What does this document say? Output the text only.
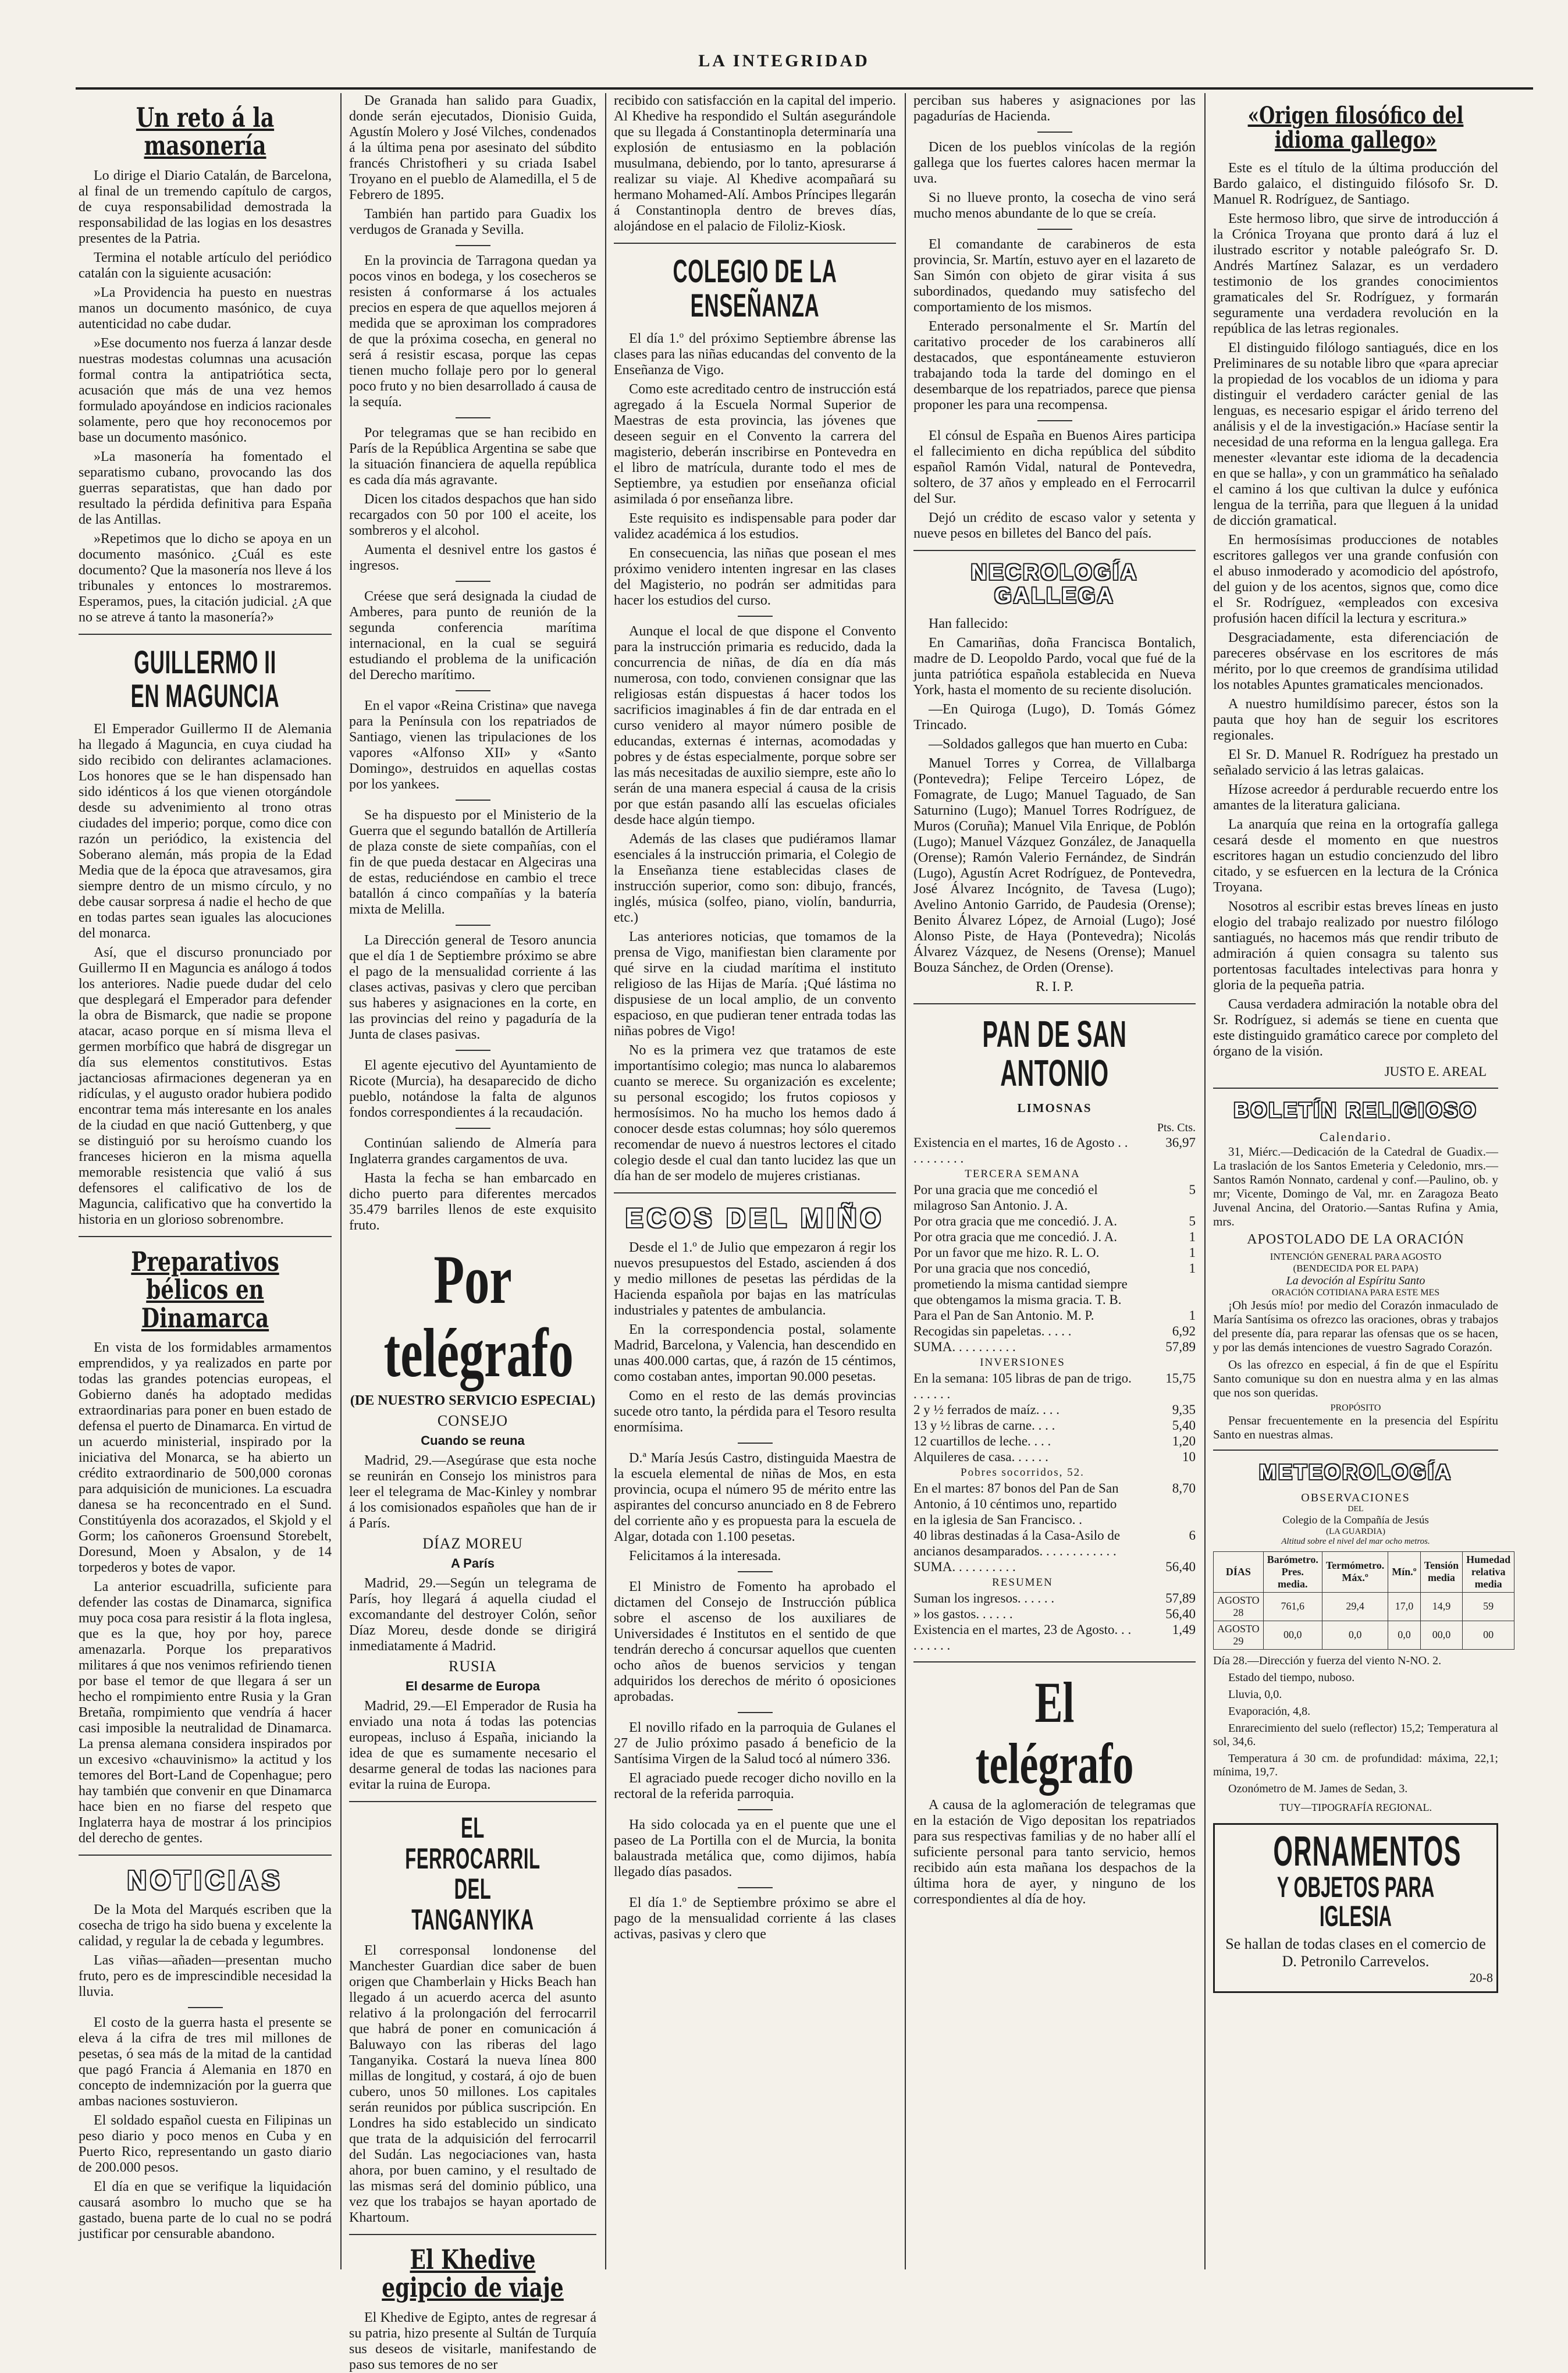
LA INTEGRIDAD
Un reto á la masonería

Lo dirige el Diario Catalán, de Barcelona, al final de un tremendo capítulo de cargos, de cuya responsabilidad demostrada la responsabilidad de las logias en los desastres presentes de la Patria.

Termina el notable artículo del periódico catalán con la siguiente acusación:

»La Providencia ha puesto en nuestras manos un documento masónico, de cuya autenticidad no cabe dudar.

»Ese documento nos fuerza á lanzar desde nuestras modestas columnas una acusación formal contra la antipatriótica secta, acusación que más de una vez hemos formulado apoyándose en indicios racionales solamente, pero que hoy reconocemos por base un documento masónico.

»La masonería ha fomentado el separatismo cubano, provocando las dos guerras separatistas, que han dado por resultado la pérdida definitiva para España de las Antillas.

»Repetimos que lo dicho se apoya en un documento masónico. ¿Cuál es este documento? Que la masonería nos lleve á los tribunales y entonces lo mostraremos. Esperamos, pues, la citación judicial. ¿A que no se atreve á tanto la masonería?»

GUILLERMO II EN MAGUNCIA

El Emperador Guillermo II de Alemania ha llegado á Maguncia, en cuya ciudad ha sido recibido con delirantes aclamaciones. Los honores que se le han dispensado han sido idénticos á los que vienen otorgándole desde su advenimiento al trono otras ciudades del imperio; porque, como dice con razón un periódico, la existencia del Soberano alemán, más propia de la Edad Media que de la época que atravesamos, gira siempre dentro de un mismo círculo, y no debe causar sorpresa á nadie el hecho de que en todas partes sean iguales las alocuciones del monarca.

Así, que el discurso pronunciado por Guillermo II en Maguncia es análogo á todos los anteriores. Nadie puede dudar del celo que desplegará el Emperador para defender la obra de Bismarck, que nadie se propone atacar, acaso porque en sí misma lleva el germen morbífico que habrá de disgregar un día sus elementos constitutivos. Estas jactanciosas afirmaciones degeneran ya en ridículas, y el augusto orador hubiera podido encontrar tema más interesante en los anales de la ciudad en que nació Guttenberg, y que se distinguió por su heroísmo cuando los franceses hicieron en la misma aquella memorable resistencia que valió á sus defensores el calificativo de los de Maguncia, calificativo que ha convertido la historia en un glorioso sobrenombre.

Preparativos bélicos en Dinamarca

En vista de los formidables armamentos emprendidos, y ya realizados en parte por todas las grandes potencias europeas, el Gobierno danés ha adoptado medidas extraordinarias para poner en buen estado de defensa el puerto de Dinamarca. En virtud de un acuerdo ministerial, inspirado por la iniciativa del Monarca, se ha abierto un crédito extraordinario de 500,000 coronas para adquisición de municiones. La escuadra danesa se ha reconcentrado en el Sund. Constitúyenla dos acorazados, el Skjold y el Gorm; los cañoneros Groensund Storebelt, Doresund, Moen y Absalon, y de 14 torpederos y botes de vapor.

La anterior escuadrilla, suficiente para defender las costas de Dinamarca, significa muy poca cosa para resistir á la flota inglesa, que es la que, hoy por hoy, parece amenazarla. Porque los preparativos militares á que nos venimos refiriendo tienen por base el temor de que llegara á ser un hecho el rompimiento entre Rusia y la Gran Bretaña, rompimiento que vendría á hacer casi imposible la neutralidad de Dinamarca. La prensa alemana considera inspirados por un excesivo «chauvinismo» la actitud y los temores del Bort-Land de Copenhague; pero hay también que convenir en que Dinamarca hace bien en no fiarse del respeto que Inglaterra haya de mostrar á los principios del derecho de gentes.

NOTICIAS

De la Mota del Marqués escriben que la cosecha de trigo ha sido buena y excelente la calidad, y regular la de cebada y legumbres.

Las viñas—añaden—presentan mucho fruto, pero es de imprescindible necesidad la lluvia.

El costo de la guerra hasta el presente se eleva á la cifra de tres mil millones de pesetas, ó sea más de la mitad de la cantidad que pagó Francia á Alemania en 1870 en concepto de indemnización por la guerra que ambas naciones sostuvieron.

El soldado español cuesta en Filipinas un peso diario y poco menos en Cuba y en Puerto Rico, representando un gasto diario de 200.000 pesos.

El día en que se verifique la liquidación causará asombro lo mucho que se ha gastado, buena parte de lo cual no se podrá justificar por censurable abandono.

De Granada han salido para Guadix, donde serán ejecutados, Dionisio Guida, Agustín Molero y José Vilches, condenados á la última pena por asesinato del súbdito francés Christofheri y su criada Isabel Troyano en el pueblo de Alamedilla, el 5 de Febrero de 1895.

También han partido para Guadix los verdugos de Granada y Sevilla.

En la provincia de Tarragona quedan ya pocos vinos en bodega, y los cosecheros se resisten á conformarse á los actuales precios en espera de que aquellos mejoren á medida que se aproximan los compradores de que la próxima cosecha, en general no será á resistir escasa, porque las cepas tienen mucho follaje pero por lo general poco fruto y no bien desarrollado á causa de la sequía.

Por telegramas que se han recibido en París de la República Argentina se sabe que la situación financiera de aquella república es cada día más agravante.

Dicen los citados despachos que han sido recargados con 50 por 100 el aceite, los sombreros y el alcohol.

Aumenta el desnivel entre los gastos é ingresos.

Créese que será designada la ciudad de Amberes, para punto de reunión de la segunda conferencia marítima internacional, en la cual se seguirá estudiando el problema de la unificación del Derecho marítimo.

En el vapor «Reina Cristina» que navega para la Península con los repatriados de Santiago, vienen las tripulaciones de los vapores «Alfonso XII» y «Santo Domingo», destruidos en aquellas costas por los yankees.

Se ha dispuesto por el Ministerio de la Guerra que el segundo batallón de Artillería de plaza conste de siete compañías, con el fin de que pueda destacar en Algeciras una de estas, reduciéndose en cambio el trece batallón á cinco compañías y la batería mixta de Melilla.

La Dirección general de Tesoro anuncia que el día 1 de Septiembre próximo se abre el pago de la mensualidad corriente á las clases activas, pasivas y clero que perciban sus haberes y asignaciones en la corte, en las provincias del reino y pagaduría de la Junta de clases pasivas.

El agente ejecutivo del Ayuntamiento de Ricote (Murcia), ha desaparecido de dicho pueblo, notándose la falta de algunos fondos correspondientes á la recaudación.

Continúan saliendo de Almería para Inglaterra grandes cargamentos de uva.

Hasta la fecha se han embarcado en dicho puerto para diferentes mercados 35.479 barriles llenos de este exquisito fruto.

Por telégrafo
(DE NUESTRO SERVICIO ESPECIAL)
CONSEJO
Cuando se reuna

Madrid, 29.—Asegúrase que esta noche se reunirán en Consejo los ministros para leer el telegrama de Mac-Kinley y nombrar á los comisionados españoles que han de ir á París.

DÍAZ MOREU
A París

Madrid, 29.—Según un telegrama de París, hoy llegará á aquella ciudad el excomandante del destroyer Colón, señor Díaz Moreu, desde donde se dirigirá inmediatamente á Madrid.

RUSIA
El desarme de Europa

Madrid, 29.—El Emperador de Rusia ha enviado una nota á todas las potencias europeas, incluso á España, iniciando la idea de que es sumamente necesario el desarme general de todas las naciones para evitar la ruina de Europa.

EL FERROCARRIL DEL TANGANYIKA

El corresponsal londonense del Manchester Guardian dice saber de buen origen que Chamberlain y Hicks Beach han llegado á un acuerdo acerca del asunto relativo á la prolongación del ferrocarril que habrá de poner en comunicación á Baluwayo con las riberas del lago Tanganyika. Costará la nueva línea 800 millas de longitud, y costará, á ojo de buen cubero, unos 50 millones. Los capitales serán reunidos por pública suscripción. En Londres ha sido establecido un sindicato que trata de la adquisición del ferrocarril del Sudán. Las negociaciones van, hasta ahora, por buen camino, y el resultado de las mismas será del dominio público, una vez que los trabajos se hayan aportado de Khartoum.

El Khedive egipcio de viaje

El Khedive de Egipto, antes de regresar á su patria, hizo presente al Sultán de Turquía sus deseos de visitarle, manifestando de paso sus temores de no ser

recibido con satisfacción en la capital del imperio. Al Khedive ha respondido el Sultán asegurándole que su llegada á Constantinopla determinaría una explosión de entusiasmo en la población musulmana, debiendo, por lo tanto, apresurarse á realizar su viaje. Al Khedive acompañará su hermano Mohamed-Alí. Ambos Príncipes llegarán á Constantinopla dentro de breves días, alojándose en el palacio de Filoliz-Kiosk.

COLEGIO DE LA ENSEÑANZA

El día 1.º del próximo Septiembre ábrense las clases para las niñas educandas del convento de la Enseñanza de Vigo.

Como este acreditado centro de instrucción está agregado á la Escuela Normal Superior de Maestras de esta provincia, las jóvenes que deseen seguir en el Convento la carrera del magisterio, deberán inscribirse en Pontevedra en el libro de matrícula, durante todo el mes de Septiembre, ya estudien por enseñanza oficial asimilada ó por enseñanza libre.

Este requisito es indispensable para poder dar validez académica á los estudios.

En consecuencia, las niñas que posean el mes próximo venidero intenten ingresar en las clases del Magisterio, no podrán ser admitidas para hacer los estudios del curso.

Aunque el local de que dispone el Convento para la instrucción primaria es reducido, dada la concurrencia de niñas, de día en día más numerosa, con todo, convienen consignar que las religiosas están dispuestas á hacer todos los sacrificios imaginables á fin de dar entrada en el curso venidero al mayor número posible de educandas, externas é internas, acomodadas y pobres y de éstas especialmente, porque sobre ser las más necesitadas de auxilio siempre, este año lo serán de una manera especial á causa de la crisis por que están pasando allí las escuelas oficiales desde hace algún tiempo.

Además de las clases que pudiéramos llamar esenciales á la instrucción primaria, el Colegio de la Enseñanza tiene establecidas clases de instrucción superior, como son: dibujo, francés, inglés, música (solfeo, piano, violín, bandurria, etc.)

Las anteriores noticias, que tomamos de la prensa de Vigo, manifiestan bien claramente por qué sirve en la ciudad marítima el instituto religioso de las Hijas de María. ¡Qué lástima no dispusiese de un local amplio, de un convento espacioso, en que pudieran tener entrada todas las niñas pobres de Vigo!

No es la primera vez que tratamos de este importantísimo colegio; mas nunca lo alabaremos cuanto se merece. Su organización es excelente; su personal escogido; los frutos copiosos y hermosísimos. No ha mucho los hemos dado á conocer desde estas columnas; hoy sólo queremos recomendar de nuevo á nuestros lectores el citado colegio desde el cual dan tanto lucidez las que un día han de ser modelo de mujeres cristianas.

ECOS DEL MIÑO

Desde el 1.º de Julio que empezaron á regir los nuevos presupuestos del Estado, ascienden á dos y medio millones de pesetas las pérdidas de la Hacienda española por bajas en las matrículas industriales y patentes de ambulancia.

En la correspondencia postal, solamente Madrid, Barcelona, y Valencia, han descendido en unas 400.000 cartas, que, á razón de 15 céntimos, como costaban antes, importan 90.000 pesetas.

Como en el resto de las demás provincias sucede otro tanto, la pérdida para el Tesoro resulta enormísima.

D.ª María Jesús Castro, distinguida Maestra de la escuela elemental de niñas de Mos, en esta provincia, ocupa el número 95 de mérito entre las aspirantes del concurso anunciado en 8 de Febrero del corriente año y es propuesta para la escuela de Algar, dotada con 1.100 pesetas.

Felicitamos á la interesada.

El Ministro de Fomento ha aprobado el dictamen del Consejo de Instrucción pública sobre el ascenso de los auxiliares de Universidades é Institutos en el sentido de que tendrán derecho á concursar aquellos que cuenten ocho años de buenos servicios y tengan adquiridos los derechos de mérito ó oposiciones aprobadas.

El novillo rifado en la parroquia de Gulanes el 27 de Julio próximo pasado á beneficio de la Santísima Virgen de la Salud tocó al número 336.

El agraciado puede recoger dicho novillo en la rectoral de la referida parroquia.

Ha sido colocada ya en el puente que une el paseo de La Portilla con el de Murcia, la bonita balaustrada metálica que, como dijimos, había llegado días pasados.

El día 1.º de Septiembre próximo se abre el pago de la mensualidad corriente á las clases activas, pasivas y clero que

perciban sus haberes y asignaciones por las pagadurías de Hacienda.

Dicen de los pueblos vinícolas de la región gallega que los fuertes calores hacen mermar la uva.

Si no llueve pronto, la cosecha de vino será mucho menos abundante de lo que se creía.

El comandante de carabineros de esta provincia, Sr. Martín, estuvo ayer en el lazareto de San Simón con objeto de girar visita á sus subordinados, quedando muy satisfecho del comportamiento de los mismos.

Enterado personalmente el Sr. Martín del caritativo proceder de los carabineros allí destacados, que espontáneamente estuvieron trabajando toda la tarde del domingo en el desembarque de los repatriados, parece que piensa proponer les para una recompensa.

El cónsul de España en Buenos Aires participa el fallecimiento en dicha república del súbdito español Ramón Vidal, natural de Pontevedra, soltero, de 37 años y empleado en el Ferrocarril del Sur.

Dejó un crédito de escaso valor y setenta y nueve pesos en billetes del Banco del país.

NECROLOGÍA GALLEGA

Han fallecido:

En Camariñas, doña Francisca Bontalich, madre de D. Leopoldo Pardo, vocal que fué de la junta patriótica española establecida en Nueva York, hasta el momento de su reciente disolución.

—En Quiroga (Lugo), D. Tomás Gómez Trincado.

—Soldados gallegos que han muerto en Cuba:

Manuel Torres y Correa, de Villalbarga (Pontevedra); Felipe Terceiro López, de Fomagrate, de Lugo; Manuel Taguado, de San Saturnino (Lugo); Manuel Torres Rodríguez, de Muros (Coruña); Manuel Vila Enrique, de Poblón (Lugo); Manuel Vázquez González, de Janaquella (Orense); Ramón Valerio Fernández, de Sindrán (Lugo), Agustín Acret Rodríguez, de Pontevedra, José Álvarez Incógnito, de Tavesa (Lugo); Avelino Antonio Garrido, de Paudesia (Orense); Benito Álvarez López, de Arnoial (Lugo); José Alonso Piste, de Haya (Pontevedra); Nicolás Álvarez Vázquez, de Nesens (Orense); Manuel Bouza Sánchez, de Orden (Orense).

R. I. P.
PAN DE SAN ANTONIO
LIMOSNAS
Pts. Cts.
Existencia en el martes, 16 de Agosto . . . . . . . . . .
36,97
TERCERA SEMANA
Por una gracia que me concedió el milagroso San Antonio. J. A.
5
Por otra gracia que me concedió. J. A.	5
Por otra gracia que me concedió. J. A.	1
Por un favor que me hizo. R. L. O.	1
Por una gracia que nos concedió, prometiendo la misma cantidad siempre que obtengamos la misma gracia. T. B.
1
Para el Pan de San Antonio. M. P.	1
Recogidas sin papeletas. . . . .	6,92
SUMA. . . . . . . . . .	57,89
INVERSIONES
En la semana: 105 libras de pan de trigo. . . . . . .
15,75
2 y ½ ferrados de maíz. . . .	9,35
13 y ½ libras de carne. . . .	5,40
12 cuartillos de leche. . . .	1,20
Alquileres de casa. . . . . .	10
Pobres socorridos, 52.
En el martes: 87 bonos del Pan de San Antonio, á 10 céntimos uno, repartido en la iglesia de San Francisco. .
8,70
40 libras destinadas á la Casa-Asilo de ancianos desamparados. . . . . . . . . . . .
6
SUMA. . . . . . . . . .	56,40
RESUMEN
Suman los ingresos. . . . . .	57,89
» los gastos. . . . . .	56,40
Existencia en el martes, 23 de Agosto. . . . . . . . .
1,49
El telégrafo

A causa de la aglomeración de telegramas que en la estación de Vigo depositan los repatriados para sus respectivas familias y de no haber allí el suficiente personal para tanto servicio, hemos recibido aún esta mañana los despachos de la última hora de ayer, y ninguno de los correspondientes al día de hoy.

«Origen filosófico del idioma gallego»

Este es el título de la última producción del Bardo galaico, el distinguido filósofo Sr. D. Manuel R. Rodríguez, de Santiago.

Este hermoso libro, que sirve de introducción á la Crónica Troyana que pronto dará á luz el ilustrado escritor y notable paleógrafo Sr. D. Andrés Martínez Salazar, es un verdadero testimonio de los grandes conocimientos gramaticales del Sr. Rodríguez, y formarán seguramente una verdadera revolución en la república de las letras regionales.

El distinguido filólogo santiagués, dice en los Preliminares de su notable libro que «para apreciar la propiedad de los vocablos de un idioma y para distinguir el verdadero carácter genial de las lenguas, es necesario espigar el árido terreno del análisis y el de la investigación.» Hacíase sentir la necesidad de una reforma en la lengua gallega. Era menester «levantar este idioma de la decadencia en que se halla», y con un grammático ha señalado el camino á los que cultivan la dulce y eufónica lengua de la terriña, para que lleguen á la unidad de dicción gramatical.

En hermosísimas producciones de notables escritores gallegos ver una grande confusión con el abuso inmoderado y acomodicio del apóstrofo, del guion y de los acentos, signos que, como dice el Sr. Rodríguez, «empleados con excesiva profusión hacen difícil la lectura y escritura.»

Desgraciadamente, esta diferenciación de pareceres obsérvase en los escritores de más mérito, por lo que creemos de grandísima utilidad los notables Apuntes gramaticales mencionados.

A nuestro humildísimo parecer, éstos son la pauta que hoy han de seguir los escritores regionales.

El Sr. D. Manuel R. Rodríguez ha prestado un señalado servicio á las letras galaicas.

Hízose acreedor á perdurable recuerdo entre los amantes de la literatura galiciana.

La anarquía que reina en la ortografía gallega cesará desde el momento en que nuestros escritores hagan un estudio concienzudo del libro citado, y se esfuercen en la lectura de la Crónica Troyana.

Nosotros al escribir estas breves líneas en justo elogio del trabajo realizado por nuestro filólogo santiagués, no hacemos más que rendir tributo de admiración á quien consagra su talento sus portentosas facultades intelectivas para honra y gloria de la pequeña patria.

Causa verdadera admiración la notable obra del Sr. Rodríguez, si además se tiene en cuenta que este distinguido gramático carece por completo del órgano de la visión.

JUSTO E. AREAL
BOLETÍN RELIGIOSO
Calendario.

31, Miérc.—Dedicación de la Catedral de Guadix.—La traslación de los Santos Emeteria y Celedonio, mrs.—Santos Ramón Nonnato, cardenal y conf.—Paulino, ob. y mr; Vicente, Domingo de Val, mr. en Zaragoza Beato Juvenal Ancina, del Oratorio.—Santas Rufina y Amia, mrs.

APOSTOLADO DE LA ORACIÓN
INTENCIÓN GENERAL PARA AGOSTO
(BENDECIDA POR EL PAPA)
La devoción al Espíritu Santo
ORACIÓN COTIDIANA PARA ESTE MES

¡Oh Jesús mío! por medio del Corazón inmaculado de María Santísima os ofrezco las oraciones, obras y trabajos del presente día, para reparar las ofensas que os se hacen, y por las demás intenciones de vuestro Sagrado Corazón.

Os las ofrezco en especial, á fin de que el Espíritu Santo comunique su don en nuestra alma y en las almas que nos son queridas.

PROPÓSITO

Pensar frecuentemente en la presencia del Espíritu Santo en nuestras almas.

METEOROLOGÍA
OBSERVACIONES
DEL
Colegio de la Compañía de Jesús
(LA GUARDIA)
Altitud sobre el nivel del mar ocho metros.
DÍAS	Barómetro. Pres. media.	Termómetro. Máx.º	Mín.º	Tensión media	Humedad relativa media
AGOSTO 28	761,6	29,4	17,0	14,9	59
AGOSTO 29	00,0	0,0	0,0	00,0	00

Día 28.—Dirección y fuerza del viento N-NO. 2.

Estado del tiempo, nuboso.

Lluvia, 0,0.

Evaporación, 4,8.

Enrarecimiento del suelo (reflector) 15,2; Temperatura al sol, 34,6.

Temperatura á 30 cm. de profundidad: máxima, 22,1; mínima, 19,7.

Ozonómetro de M. James de Sedan, 3.

TUY—TIPOGRAFÍA REGIONAL.
ORNAMENTOS
Y OBJETOS PARA IGLESIA
Se hallan de todas clases en el comercio de D. Petronilo Carrevelos.
20-8
